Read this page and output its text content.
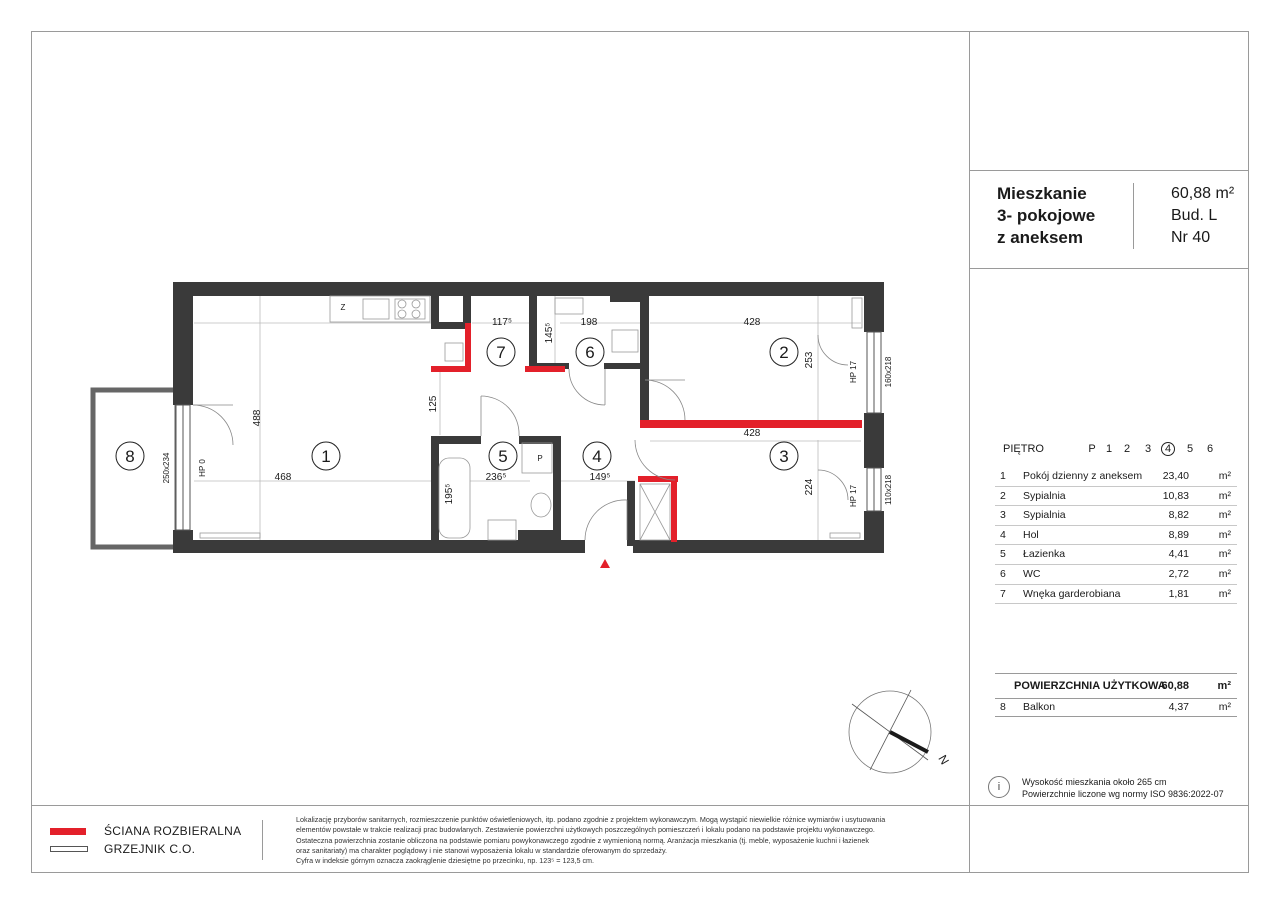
1
2
3
4
5
6
7
8
117⁵	198	428
428
468	236⁵	149⁵
145⁵
488
125
253
224
195⁵
160x218
110x218
250x234
HP 17
HP 17
HP 0
Z
P
N
Mieszkanie
3- pokojowe
z aneksem
60,88 m²
Bud. L
Nr 40
PIĘTRO	P 1	2	3	4	5	6
1 Pokój dzienny z aneksem 23,40	m²
2 Sypialnia	10,83	m²
3 Sypialnia	8,82	m²
4 Hol	8,89	m²
5 Łazienka	4,41	m²
6 WC	2,72	m²
7 Wnęka garderobiana	1,81	m²
POWIERZCHNIA UŻYTKOWA
60,88	m²
8 Balkon	4,37	m²
i	Wysokość mieszkania około 265 cm
Powierzchnie liczone wg normy ISO 9836:2022-07
ŚCIANA ROZBIERALNA
GRZEJNIK C.O.
Lokalizację przyborów sanitarnych, rozmieszczenie punktów oświetleniowych, itp. podano zgodnie z projektem wykonawczym. Mogą wystąpić niewielkie różnice wymiarów i usytuowania
elementów powstałe w trakcie realizacji prac budowlanych. Zestawienie powierzchni użytkowych poszczególnych pomieszczeń i lokalu podano na podstawie projektu wykonawczego.
Ostateczna powierzchnia zostanie obliczona na podstawie pomiaru powykonawczego zgodnie z wymienioną normą. Aranżacja mieszkania (tj. meble, wyposażenie kuchni i łazienek
oraz sanitariaty) ma charakter poglądowy i nie stanowi wyposażenia lokalu w standardzie oferowanym do sprzedaży.
Cyfra w indeksie górnym oznacza zaokrąglenie dziesiętne po przecinku, np. 123⁵ = 123,5 cm.
